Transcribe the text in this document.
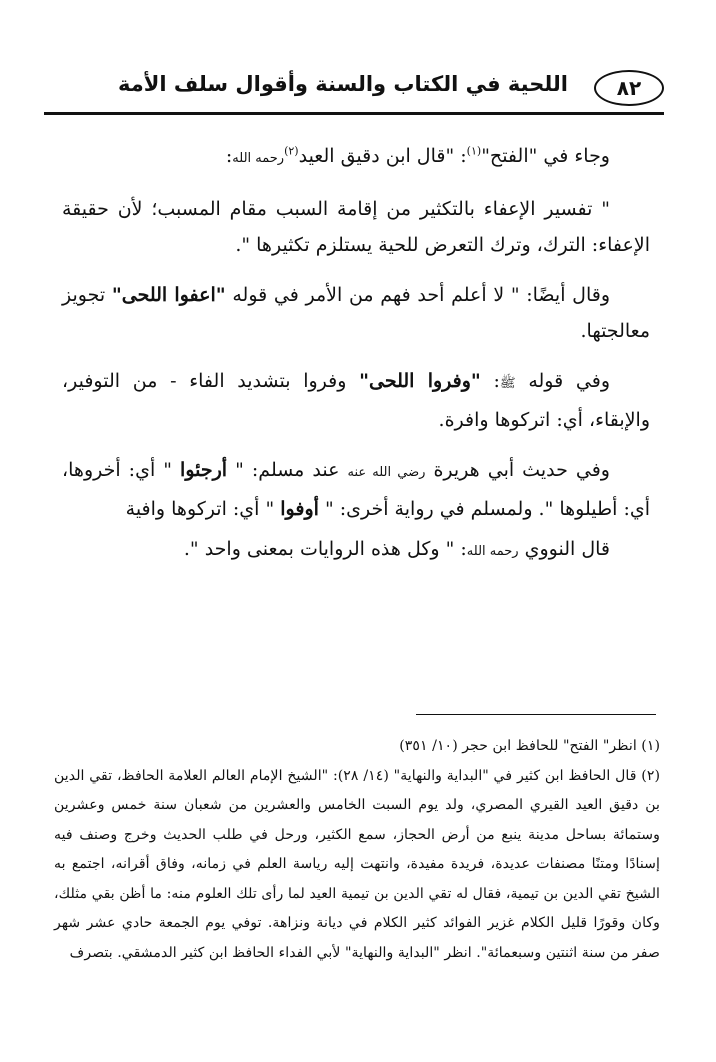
٨٢
اللحية في الكتاب والسنة وأقوال سلف الأمة

وجاء في "الفتح"$^{(١)}$: "قال ابن دقيق العيد$^{(٢)}$رحمه الله:

" تفسير الإعفاء بالتكثير من إقامة السبب مقام المسبب؛ لأن حقيقة الإعفاء: الترك، وترك التعرض للحية يستلزم تكثيرها ".

وقال أيضًا: " لا أعلم أحد فهم من الأمر في قوله "اعفوا اللحى" تجويز معالجتها.

وفي قوله ﷺ: "وفروا اللحى" وفروا بتشديد الفاء - من التوفير، والإبقاء، أي: اتركوها وافرة.

وفي حديث أبي هريرة رضي الله عنه عند مسلم: " أرجئوا " أي: أخروها، أي: أطيلوها ". ولمسلم في رواية أخرى: " أوفوا " أي: اتركوها وافية

قال النووي رحمه الله: " وكل هذه الروايات بمعنى واحد ".

(١) انظر" الفتح" للحافظ ابن حجر (١٠/ ٣٥١)

(٢) قال الحافظ ابن كثير في "البداية والنهاية" (١٤/ ٢٨): "الشيخ الإمام العالم العلامة الحافظ، تقي الدين بن دقيق العيد القيري المصري، ولد يوم السبت الخامس والعشرين من شعبان سنة خمس وعشرين وستمائة بساحل مدينة ينبع من أرض الحجاز، سمع الكثير، ورحل في طلب الحديث وخرج وصنف فيه إسنادًا ومتنًا مصنفات عديدة، فريدة مفيدة، وانتهت إليه رياسة العلم في زمانه، وفاق أقرانه، اجتمع به الشيخ تقي الدين بن تيمية، فقال له تقي الدين بن تيمية العيد لما رأى تلك العلوم منه: ما أظن بقي مثلك، وكان وقورًا قليل الكلام غزير الفوائد كثير الكلام في ديانة ونزاهة. توفي يوم الجمعة حادي عشر شهر صفر من سنة اثنتين وسبعمائة". انظر "البداية والنهاية" لأبي الفداء الحافظ ابن كثير الدمشقي. بتصرف
